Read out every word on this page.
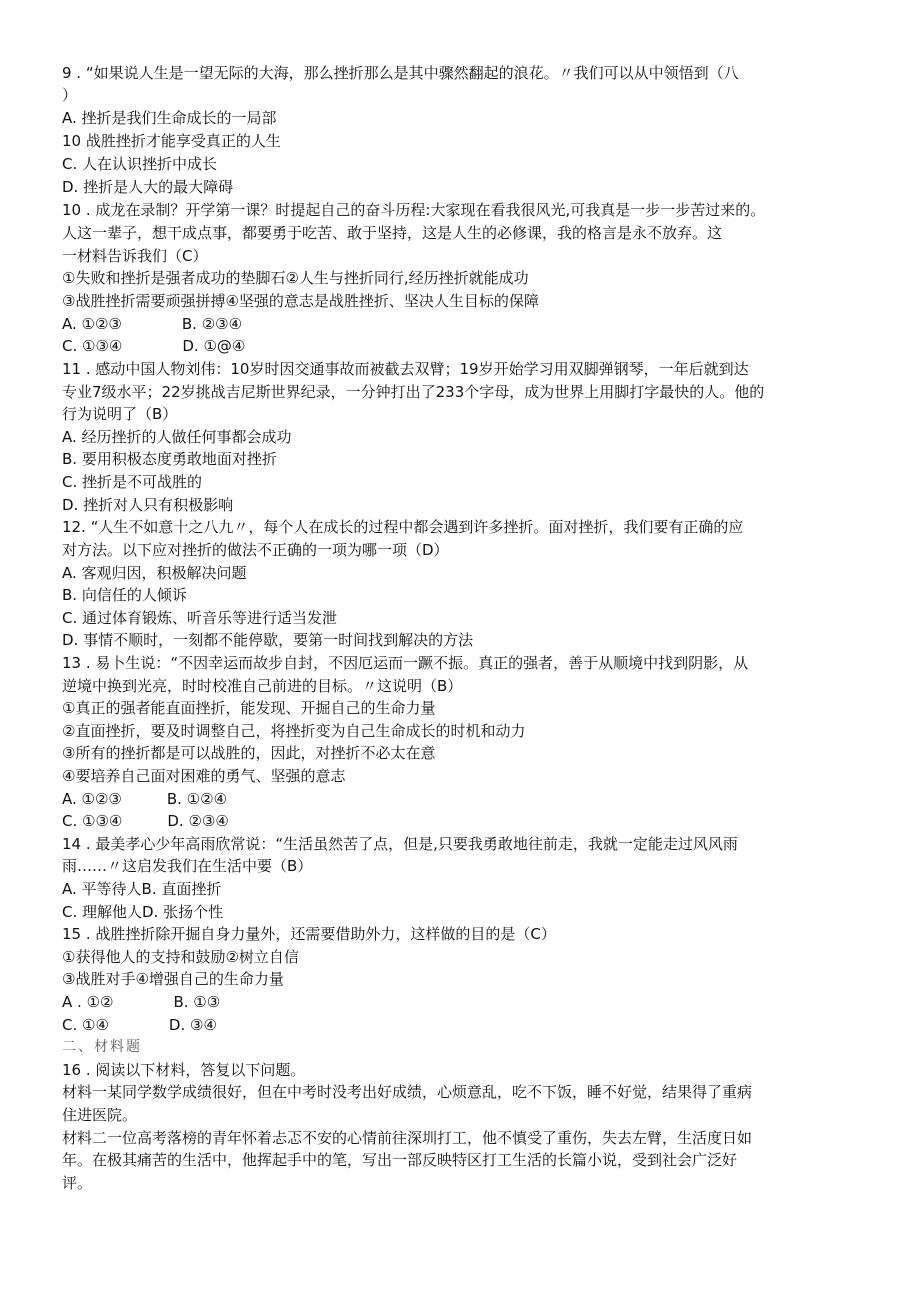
9 . “如果说人生是一望无际的大海，那么挫折那么是其中骤然翻起的浪花。〃我们可以从中领悟到（八
）
A. 挫折是我们生命成长的一局部
10 战胜挫折才能享受真正的人生
C. 人在认识挫折中成长
D. 挫折是人大的最大障碍
10 . 成龙在录制？开学第一课？时提起自己的奋斗历程:大家现在看我很风光,可我真是一步一步苦过来的。
人这一辈子，想干成点事，都要勇于吃苦、敢于坚持，这是人生的必修课，我的格言是永不放弃。这
一材料告诉我们（C）
①失败和挫折是强者成功的垫脚石②人生与挫折同行,经历挫折就能成功
③战胜挫折需要顽强拼搏④坚强的意志是战胜挫折、坚决人生目标的保障
A. ①②③　　　　B. ②③④
C. ①③④　　　　D. ①@④
11 . 感动中国人物刘伟：10岁时因交通事故而被截去双臂；19岁开始学习用双脚弹钢琴，一年后就到达
专业7级水平；22岁挑战吉尼斯世界纪录，一分钟打出了233个字母，成为世界上用脚打字最快的人。他的
行为说明了（B）
A. 经历挫折的人做任何事都会成功
B. 要用积极态度勇敢地面对挫折
C. 挫折是不可战胜的
D. 挫折对人只有积极影响
12. “人生不如意十之八九〃，每个人在成长的过程中都会遇到许多挫折。面对挫折，我们要有正确的应
对方法。以下应对挫折的做法不正确的一项为哪一项（D）
A. 客观归因，积极解决问题
B. 向信任的人倾诉
C. 通过体育锻炼、听音乐等进行适当发泄
D. 事情不顺时，一刻都不能停歇，要第一时间找到解决的方法
13 . 易卜生说：“不因幸运而故步自封，不因厄运而一蹶不振。真正的强者，善于从顺境中找到阴影，从
逆境中换到光亮，时时校准自己前进的目标。〃这说明（B）
①真正的强者能直面挫折，能发现、开掘自己的生命力量
②直面挫折，要及时调整自己，将挫折变为自己生命成长的时机和动力
③所有的挫折都是可以战胜的，因此，对挫折不必太在意
④要培养自己面对困难的勇气、坚强的意志
A. ①②③　　　B. ①②④
C. ①③④　　　D. ②③④
14 . 最美孝心少年高雨欣常说：“生活虽然苦了点，但是,只要我勇敢地往前走，我就一定能走过风风雨
雨……〃这启发我们在生活中要（B）
A. 平等待人B. 直面挫折
C. 理解他人D. 张扬个性
15 . 战胜挫折除开掘自身力量外，还需要借助外力，这样做的目的是（C）
①获得他人的支持和鼓励②树立自信
③战胜对手④增强自己的生命力量
A . ①②　　　　B. ①③
C. ①④　　　　D. ③④
二、材料题
16 . 阅读以下材料，答复以下问题。
材料一某同学数学成绩很好，但在中考时没考出好成绩，心烦意乱，吃不下饭，睡不好觉，结果得了重病
住进医院。
材料二一位高考落榜的青年怀着忐忑不安的心情前往深圳打工，他不慎受了重伤，失去左臂，生活度日如
年。在极其痛苦的生活中，他挥起手中的笔，写出一部反映特区打工生活的长篇小说，受到社会广泛好
评。
